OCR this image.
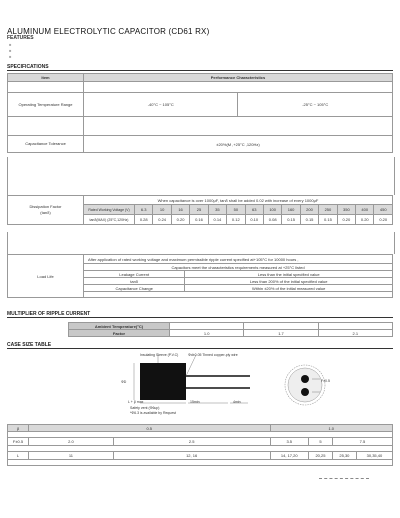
ALUMINUM ELECTROLYTIC CAPACITOR (CD61 RX)
FEATURES
■
■
■
SPECIFICATIONS
Item	Performance Characteristics	

Operating Temperature Range	-40°C ~ 105°C	-25°C ~ 105°C

Capacitance Tolerance	±20%(M ,+25°C ,120Hz)	
Dissipation Factor
(tanδ)	When capacitance is over 1000μF, tanδ shall be added 0.02 with increase of every 1000μF														
	Rated Working Voltage (V)	6.3	10	16	25	35	50	63	100	160	200	250	350	400	450
	tanδ(MAX) (25°C,120Hz)	0.28	0.24	0.20	0.16	0.14	0.12	0.10	0.08	0.15	0.15	0.15	0.20	0.20	0.20
Load Life	After application of rated working voltage and maximum permissible ripple current specified at+105°C for 10000 hours ,	
	Capacitors meet the characteristics requirements measured at +25°C listed	
	Leakage Current	Less than the initial specified value
	tanδ	Less than 200% of the initial specified value
	Capacitance Change	Within ±20% of the initial measured value

MULTIPLIER OF RIPPLE CURRENT
Ambient Temperature(°C)			
Factor	1.0	1.7	2.1
CASE SIZE TABLE
Insulating Sleeve (P.V.C)	Φd±0.05 Tinned copper-ply wire
L + β max	15min	4min
ΦD	F±0.5
Safety vent (Φ6up)
*Φ6.3 is available by Request
β	0.5		1.0			

F±0.5	2.0	2.5	3.5	5	7.5	

L	11	12, 16	14, 17,20	20,25	25,30	30,35,40
